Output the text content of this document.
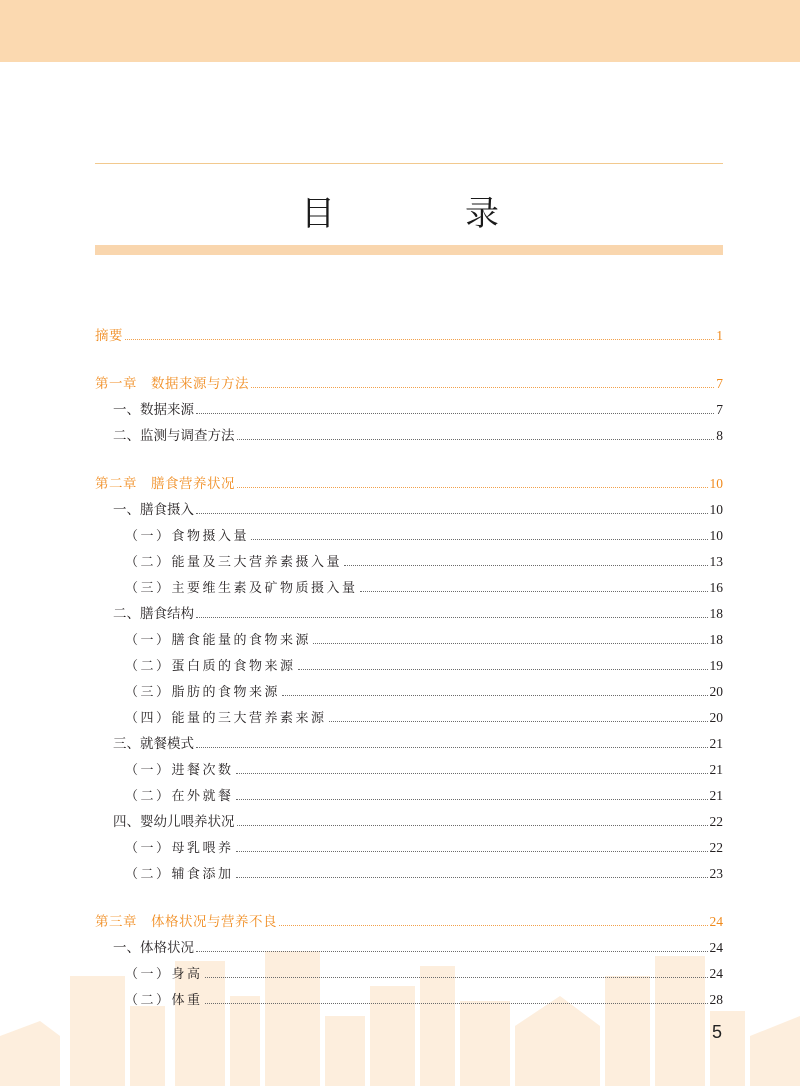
目　录
摘要	1
第一章　数据来源与方法	7
一、数据来源	7
二、监测与调查方法	8
第二章　膳食营养状况	10
一、膳食摄入	10
（一）食物摄入量	10
（二）能量及三大营养素摄入量	13
（三）主要维生素及矿物质摄入量	16
二、膳食结构	18
（一）膳食能量的食物来源	18
（二）蛋白质的食物来源	19
（三）脂肪的食物来源	20
（四）能量的三大营养素来源	20
三、就餐模式	21
（一）进餐次数	21
（二）在外就餐	21
四、婴幼儿喂养状况	22
（一）母乳喂养	22
（二）辅食添加	23
第三章　体格状况与营养不良	24
一、体格状况	24
（一）身高	24
（二）体重	28
5
